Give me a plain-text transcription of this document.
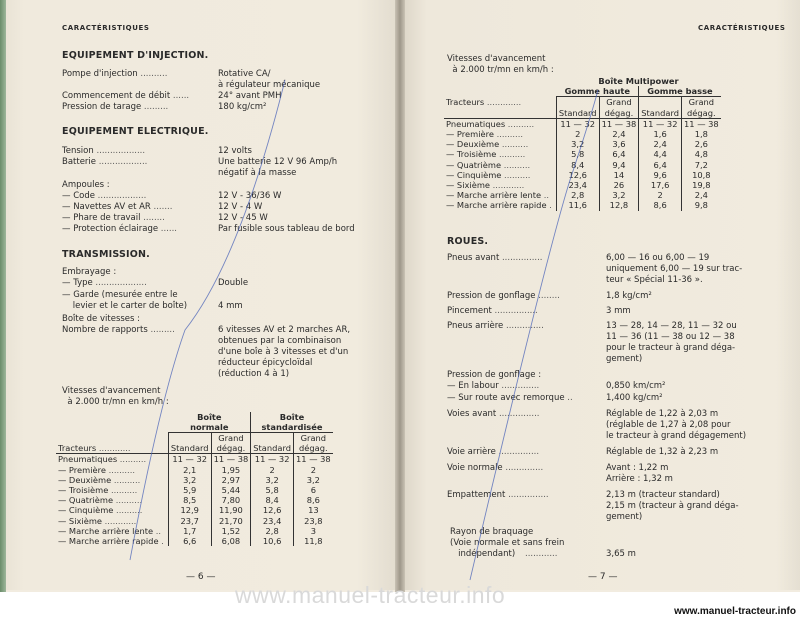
CARACTÉRISTIQUES
EQUIPEMENT D'INJECTION.
Pompe d'injection ..........	Rotative CA/
à régulateur mécanique
Commencement de débit ......	24° avant PMH
Pression de tarage .........	180 kg/cm²
EQUIPEMENT ELECTRIQUE.
Tension ..................	12 volts
Batterie ..................	Une batterie 12 V 96 Amp/h
négatif à la masse
Ampoules :
— Code ..................	12 V - 36/36 W
— Navettes AV et AR .......	12 V - 4 W
— Phare de travail ........	12 V - 45 W
— Protection éclairage ......	Par fusible sous tableau de bord
TRANSMISSION.
Embrayage :
— Type ...................	Double
— Garde (mesurée entre le
levier et le carter de boîte)	4 mm
Boîte de vitesses :
Nombre de rapports .........	6 vitesses AV et 2 marches AR,
obtenues par la combinaison
d'une boîe à 3 vitesses et d'un
réducteur épicycloïdal
(réduction 4 à 1)
Vitesses d'avancement
à 2.000 tr/mn en km/h :
	Boîte
normale		Boîte
standardisée	

Tracteurs ............	Standard	Grand
dégag.	Standard	Grand
dégag.
Pneumatiques ..........	11 — 32	11 — 38	11 — 32	11 — 38
— Première ..........	2,1	1,95	2	2
— Deuxième ..........	3,2	2,97	3,2	3,2
— Troisième ..........	5,9	5,44	5,8	6
— Quatrième ..........	8,5	7,80	8,4	8,6
— Cinquième ..........	12,9	11,90	12,6	13
— Sixième ............	23,7	21,70	23,4	23,8
— Marche arrière lente ..	1,7	1,52	2,8	3
— Marche arrière rapide .	6,6	6,08	10,6	11,8
— 6 —
CARACTÉRISTIQUES
Vitesses d'avancement
à 2.000 tr/mn en km/h :
	Boîte Multipower			
	Gomme haute		Gomme basse	
Tracteurs .............	Standard	Grand
dégag.	Standard	Grand
dégag.
Pneumatiques ..........	11 — 32	11 — 38	11 — 32	11 — 38
— Première ..........	2	2,4	1,6	1,8
— Deuxième ..........	3,2	3,6	2,4	2,6
— Troisième ..........	5,8	6,4	4,4	4,8
— Quatrième ..........	8,4	9,4	6,4	7,2
— Cinquième ..........	12,6	14	9,6	10,8
— Sixième ............	23,4	26	17,6	19,8
— Marche arrière lente ..	2,8	3,2	2	2,4
— Marche arrière rapide .	11,6	12,8	8,6	9,8
ROUES.
Pneus avant ...............	6,00 — 16 ou 6,00 — 19
uniquement 6,00 — 19 sur trac-
teur « Spécial 11-36 ».
Pression de gonflage ........	1,8 kg/cm²
Pincement ................	3 mm
Pneus arrière ..............	13 — 28, 14 — 28, 11 — 32 ou
11 — 36 (11 — 38 ou 12 — 38
pour le tracteur à grand déga-
gement)
Pression de gonflage :
— En labour ..............	0,850 km/cm²
— Sur route avec remorque ..	1,400 kg/cm²
Voies avant ...............	Réglable de 1,22 à 2,03 m
(réglable de 1,27 à 2,08 pour
le tracteur à grand dégagement)
Voie arrière ...............	Réglable de 1,32 à 2,23 m
Voie normale ..............	Avant : 1,22 m
Arrière : 1,32 m
Empattement ...............	2,13 m (tracteur standard)
2,15 m (tracteur à grand déga-
gement)
Rayon de braquage
(Voie normale et sans frein
indépendant)	............	3,65 m
— 7 —
www.manuel-tracteur.info
www.manuel-tracteur.info
